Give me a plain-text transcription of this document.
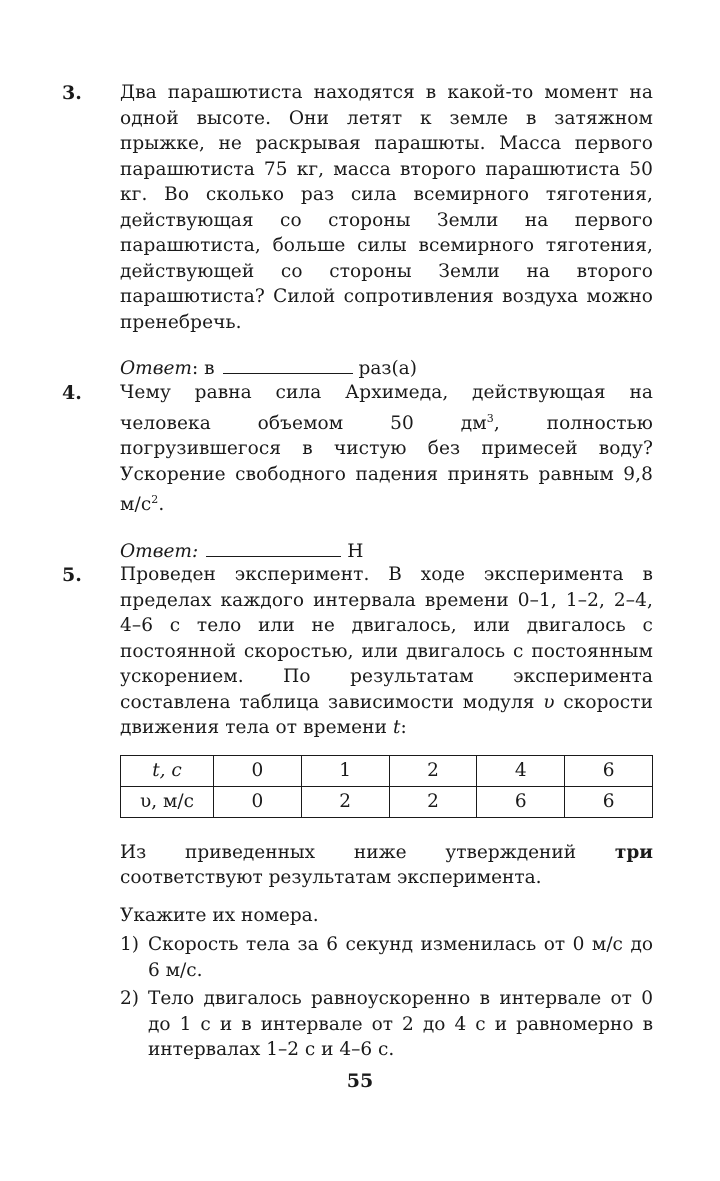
3. Два парашютиста находятся в какой-то момент на одной высоте. Они летят к земле в затяжном прыжке, не раскрывая парашюты. Масса первого парашютиста 75 кг, масса второго парашютиста 50 кг. Во сколько раз сила всемирного тяготения, действующая со стороны Земли на первого парашютиста, больше силы всемирного тяготения, действующей со стороны Земли на второго парашютиста? Силой сопротивления воздуха можно пренебречь.
Ответ : в	раз(а)
4. Чему равна сила Архимеда, действующая на человека объемом 50 $дм^3$, полностью погрузившегося в чистую без примесей воду? Ускорение свободного падения принять равным 9,8 $м/с^2$.
Ответ:	Н
5. Проведен эксперимент. В ходе эксперимента в пределах каждого интервала времени 0–1, 1–2, 2–4, 4–6 с тело или не двигалось, или двигалось с постоянной скоростью, или двигалось с постоянным ускорением. По результатам эксперимента составлена таблица зависимости модуля υ скорости движения тела от времени t:
t, с	0	1	2	4	6
υ, м/с	0	2	2	6	6
Из приведенных ниже утверждений три соответствуют результатам эксперимента.
Укажите их номера.
1) Скорость тела за 6 секунд изменилась от 0 м/с до 6 м/с.
2) Тело двигалось равноускоренно в интервале от 0 до 1 с и в интервале от 2 до 4 с и равномерно в интервалах 1–2 с и 4–6 с.
55
